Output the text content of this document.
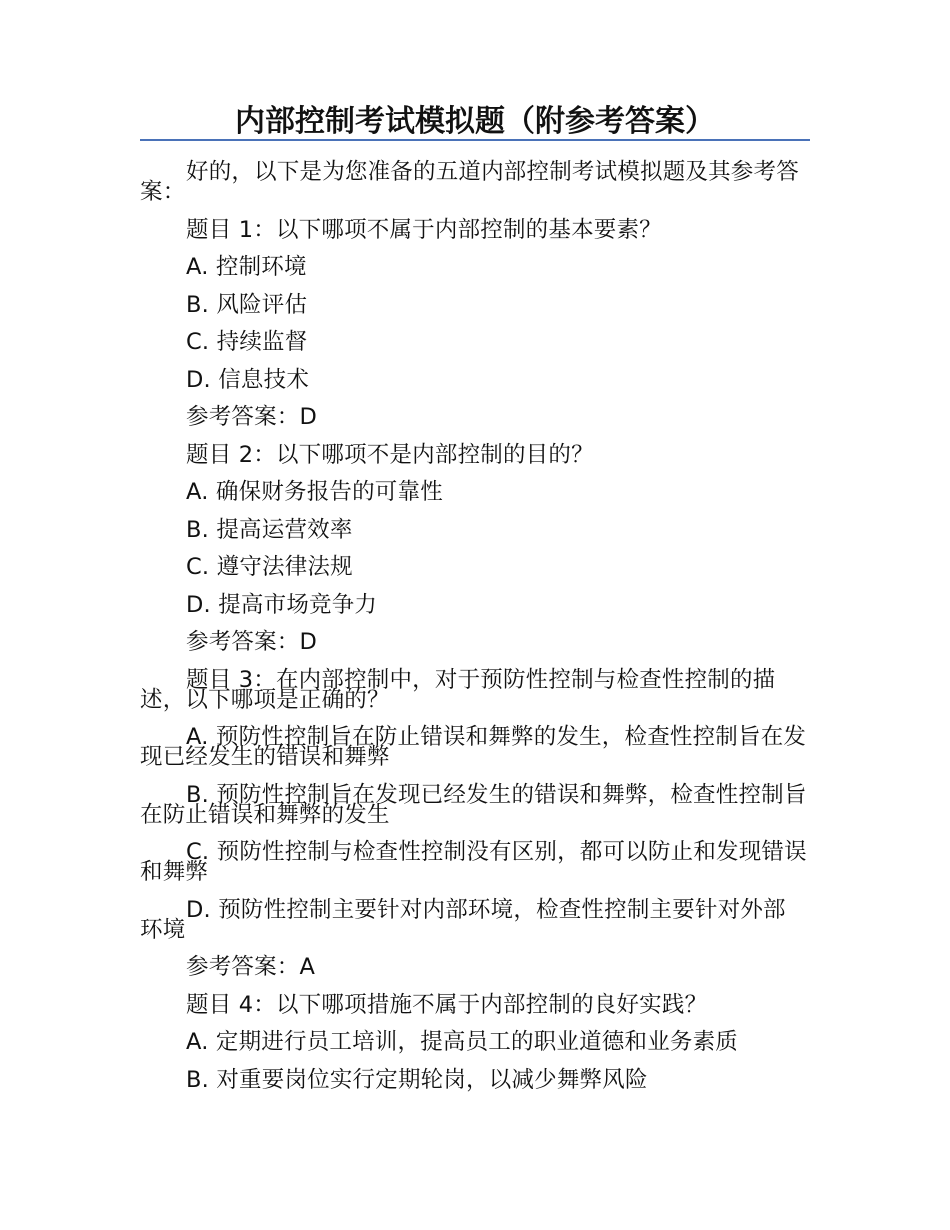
内部控制考试模拟题（附参考答案）

好的，以下是为您准备的五道内部控制考试模拟题及其参考答案：

题目 1：以下哪项不属于内部控制的基本要素？

A. 控制环境

B. 风险评估

C. 持续监督

D. 信息技术

参考答案：D

题目 2：以下哪项不是内部控制的目的？

A. 确保财务报告的可靠性

B. 提高运营效率

C. 遵守法律法规

D. 提高市场竞争力

参考答案：D

题目 3：在内部控制中，对于预防性控制与检查性控制的描述，以下哪项是正确的？

A. 预防性控制旨在防止错误和舞弊的发生，检查性控制旨在发现已经发生的错误和舞弊

B. 预防性控制旨在发现已经发生的错误和舞弊，检查性控制旨在防止错误和舞弊的发生

C. 预防性控制与检查性控制没有区别，都可以防止和发现错误和舞弊

D. 预防性控制主要针对内部环境，检查性控制主要针对外部环境

参考答案：A

题目 4：以下哪项措施不属于内部控制的良好实践？

A. 定期进行员工培训，提高员工的职业道德和业务素质

B. 对重要岗位实行定期轮岗，以减少舞弊风险
